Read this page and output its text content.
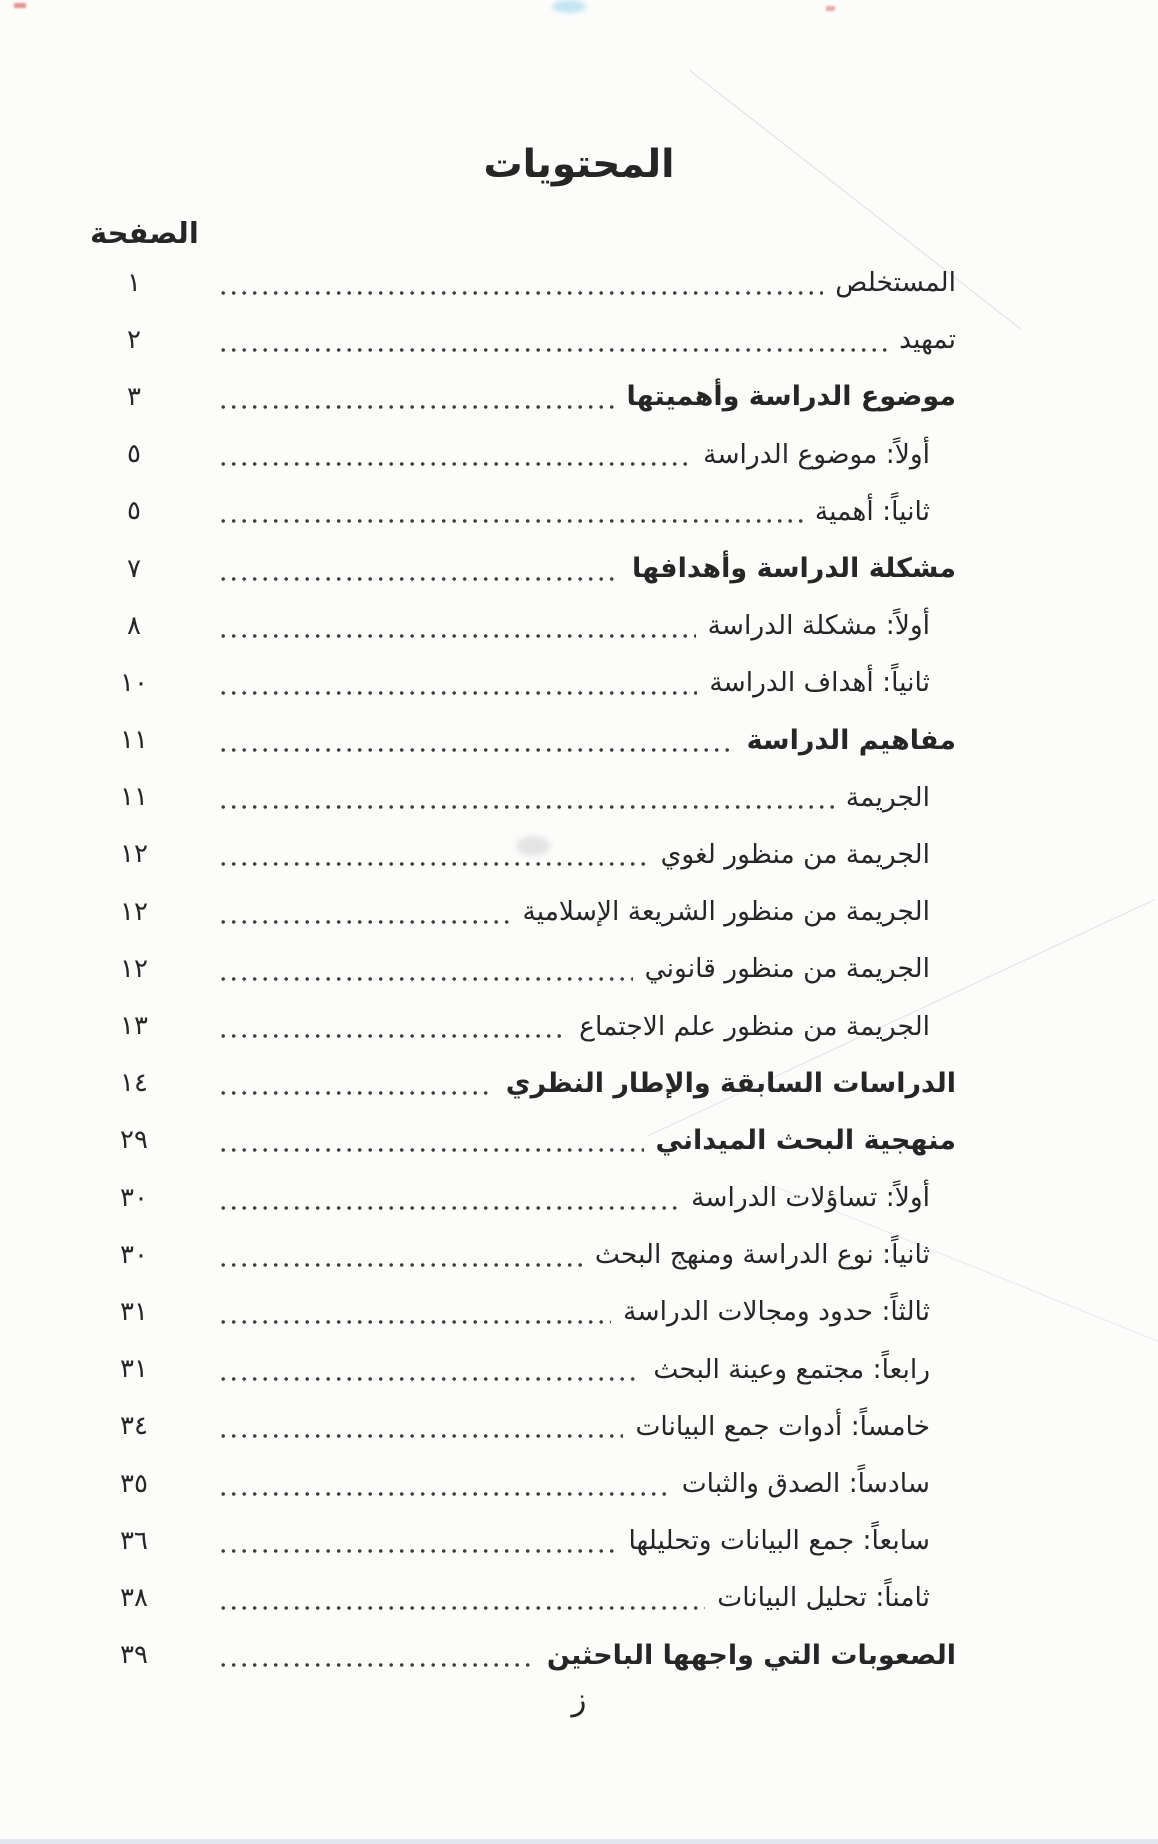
المحتويات
الصفحة
المستخلص
١
تمهيد
٢
موضوع الدراسة وأهميتها
٣
أولاً: موضوع الدراسة
٥
ثانياً: أهمية
٥
مشكلة الدراسة وأهدافها
٧
أولاً: مشكلة الدراسة
٨
ثانياً: أهداف الدراسة
١٠
مفاهيم الدراسة
١١
الجريمة
١١
الجريمة من منظور لغوي
١٢
الجريمة من منظور الشريعة الإسلامية
١٢
الجريمة من منظور قانوني
١٢
الجريمة من منظور علم الاجتماع
١٣
الدراسات السابقة والإطار النظري
١٤
منهجية البحث الميداني
٢٩
أولاً: تساؤلات الدراسة
٣٠
ثانياً: نوع الدراسة ومنهج البحث
٣٠
ثالثاً: حدود ومجالات الدراسة
٣١
رابعاً: مجتمع وعينة البحث
٣١
خامساً: أدوات جمع البيانات
٣٤
سادساً: الصدق والثبات
٣٥
سابعاً: جمع البيانات وتحليلها
٣٦
ثامناً: تحليل البيانات
٣٨
الصعوبات التي واجهها الباحثين
٣٩
ز
